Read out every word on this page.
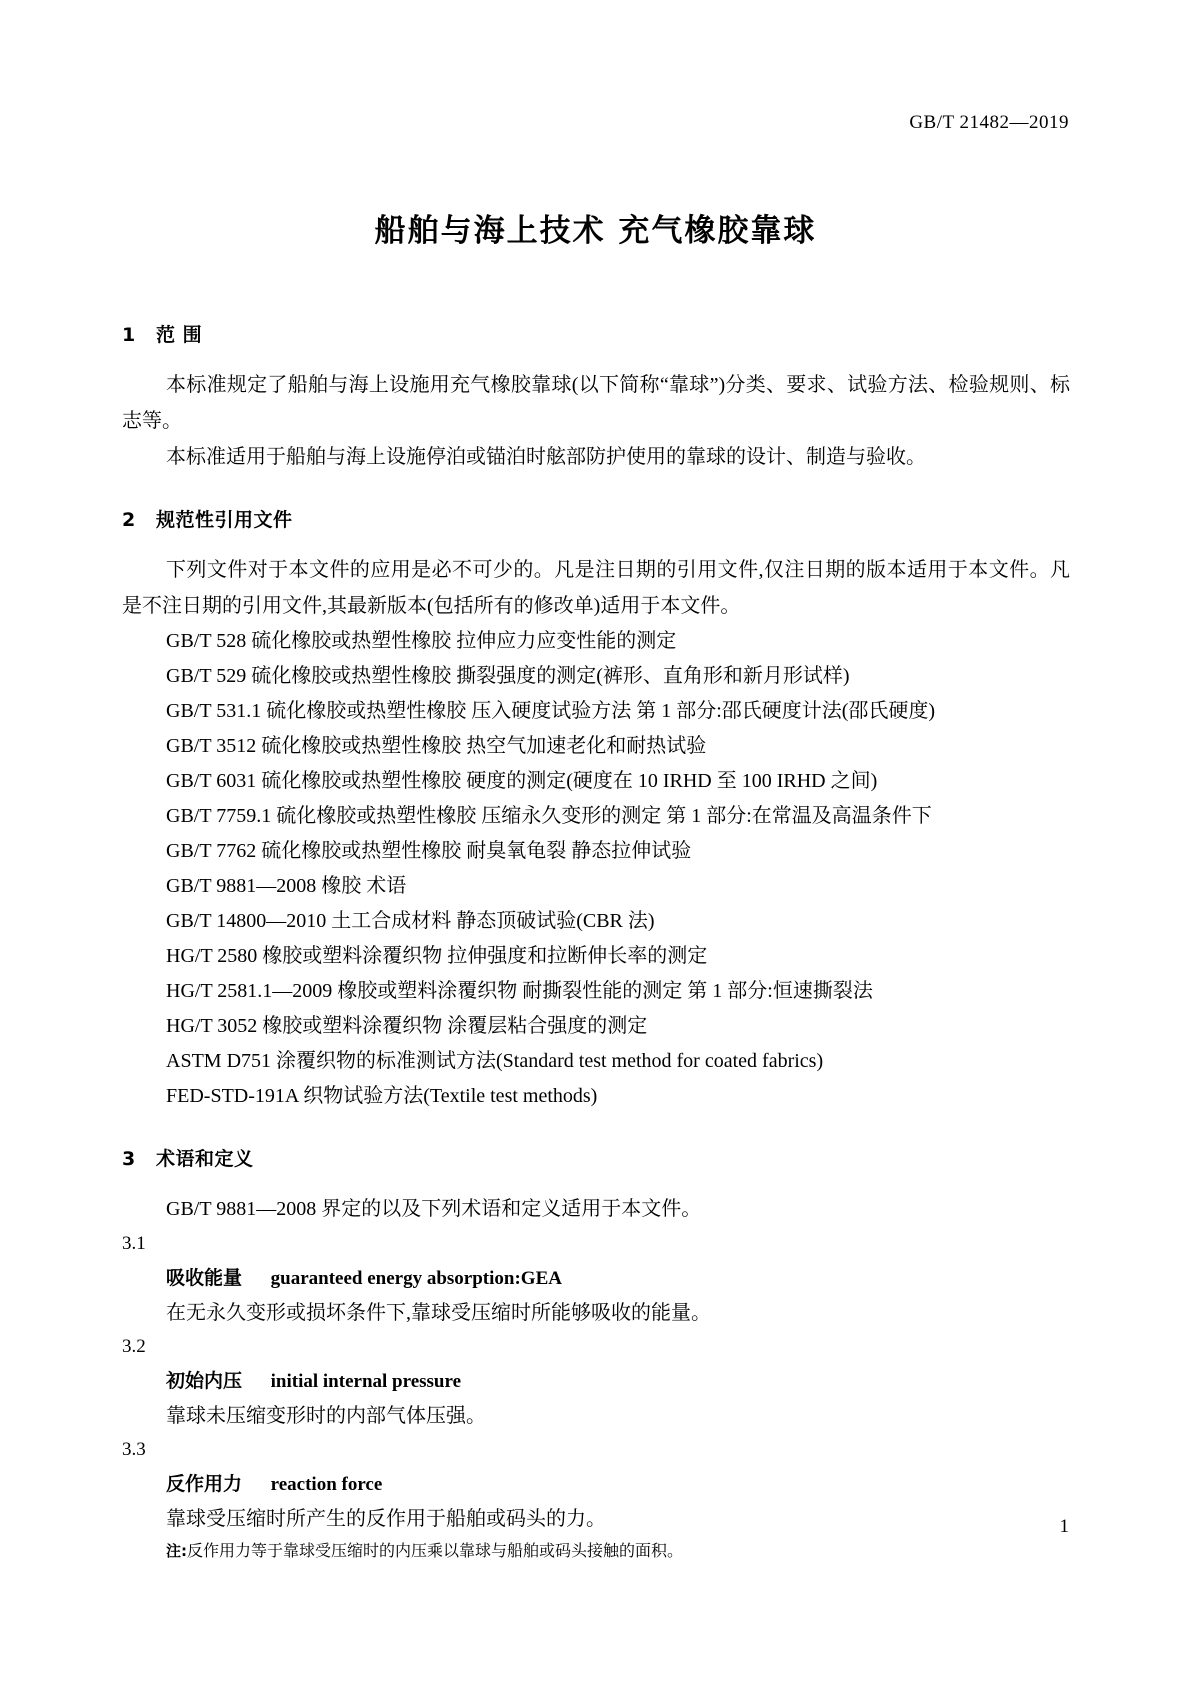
GB/T 21482—2019
船舶与海上技术 充气橡胶靠球
1 范 围

本标准规定了船舶与海上设施用充气橡胶靠球(以下简称“靠球”)分类、要求、试验方法、检验规则、标志等。

本标准适用于船舶与海上设施停泊或锚泊时舷部防护使用的靠球的设计、制造与验收。

2 规范性引用文件

下列文件对于本文件的应用是必不可少的。凡是注日期的引用文件,仅注日期的版本适用于本文件。凡是不注日期的引用文件,其最新版本(包括所有的修改单)适用于本文件。

GB/T 528 硫化橡胶或热塑性橡胶 拉伸应力应变性能的测定

GB/T 529 硫化橡胶或热塑性橡胶 撕裂强度的测定(裤形、直角形和新月形试样)

GB/T 531.1 硫化橡胶或热塑性橡胶 压入硬度试验方法 第 1 部分:邵氏硬度计法(邵氏硬度)

GB/T 3512 硫化橡胶或热塑性橡胶 热空气加速老化和耐热试验

GB/T 6031 硫化橡胶或热塑性橡胶 硬度的测定(硬度在 10 IRHD 至 100 IRHD 之间)

GB/T 7759.1 硫化橡胶或热塑性橡胶 压缩永久变形的测定 第 1 部分:在常温及高温条件下

GB/T 7762 硫化橡胶或热塑性橡胶 耐臭氧龟裂 静态拉伸试验

GB/T 9881—2008 橡胶 术语

GB/T 14800—2010 土工合成材料 静态顶破试验(CBR 法)

HG/T 2580 橡胶或塑料涂覆织物 拉伸强度和拉断伸长率的测定

HG/T 2581.1—2009 橡胶或塑料涂覆织物 耐撕裂性能的测定 第 1 部分:恒速撕裂法

HG/T 3052 橡胶或塑料涂覆织物 涂覆层粘合强度的测定

ASTM D751 涂覆织物的标准测试方法(Standard test method for coated fabrics)

FED-STD-191A 织物试验方法(Textile test methods)

3 术语和定义

GB/T 9881—2008 界定的以及下列术语和定义适用于本文件。

3.1

吸收能量 guaranteed energy absorption:GEA

在无永久变形或损坏条件下,靠球受压缩时所能够吸收的能量。

3.2

初始内压 initial internal pressure

靠球未压缩变形时的内部气体压强。

3.3

反作用力 reaction force

靠球受压缩时所产生的反作用于船舶或码头的力。

注:反作用力等于靠球受压缩时的内压乘以靠球与船舶或码头接触的面积。

1
